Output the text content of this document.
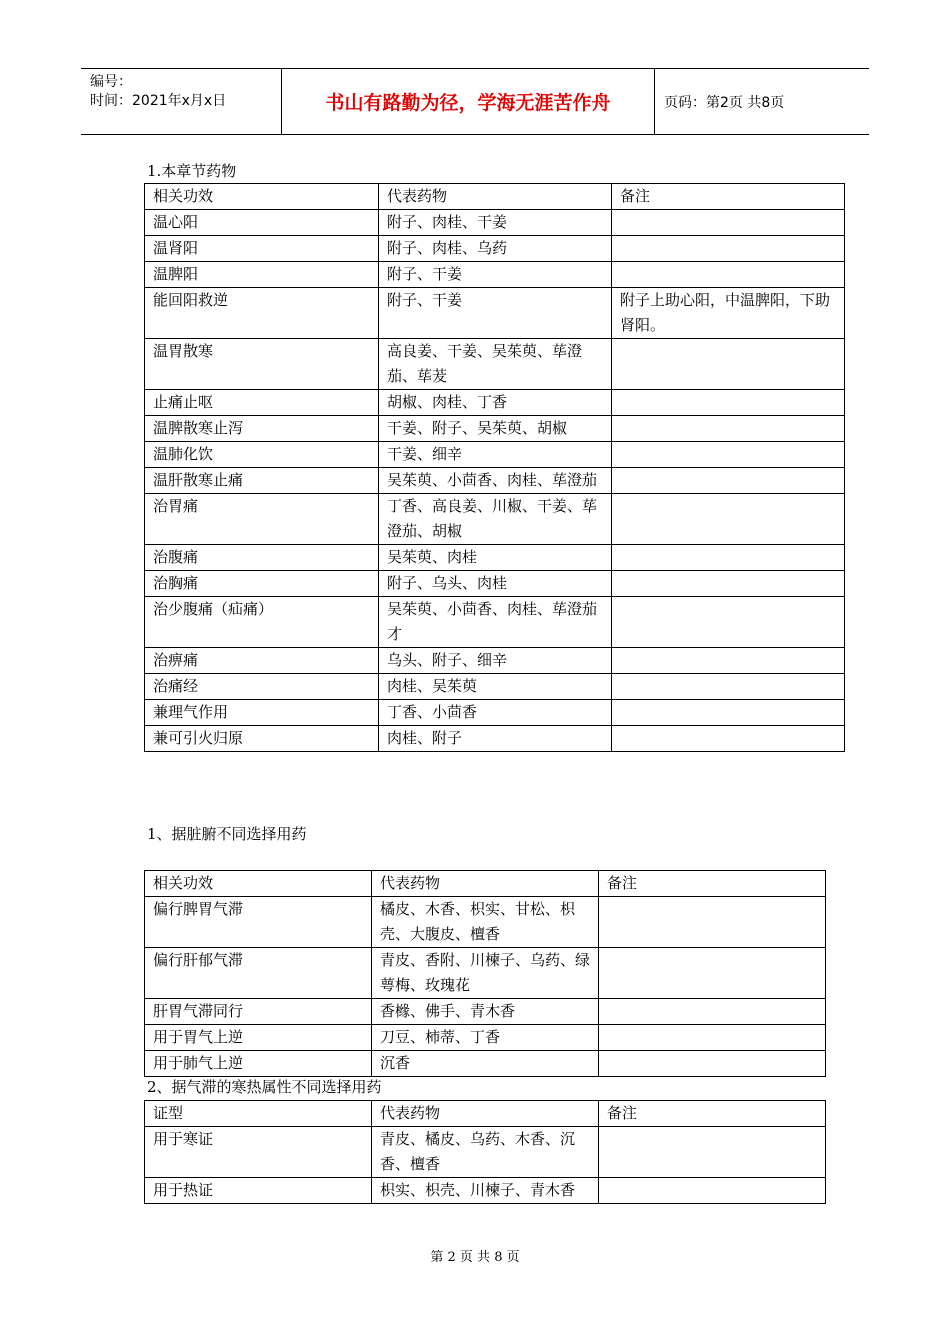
编号：
时间：2021年x月x日	书山有路勤为径，学海无涯苦作舟	页码：第2页 共8页
1.本章节药物
相关功效	代表药物	备注
温心阳	附子、肉桂、干姜	
温肾阳	附子、肉桂、乌药	
温脾阳	附子、干姜	
能回阳救逆	附子、干姜	附子上助心阳，中温脾阳，下助肾阳。
温胃散寒	高良姜、干姜、吴茱萸、荜澄茄、荜茇	
止痛止呕	胡椒、肉桂、丁香	
温脾散寒止泻	干姜、附子、吴茱萸、胡椒	
温肺化饮	干姜、细辛	
温肝散寒止痛	吴茱萸、小茴香、肉桂、荜澄茄	
治胃痛	丁香、高良姜、川椒、干姜、荜澄茄、胡椒	
治腹痛	吴茱萸、肉桂	
治胸痛	附子、乌头、肉桂	
治少腹痛（疝痛）	吴茱萸、小茴香、肉桂、荜澄茄才	
治痹痛	乌头、附子、细辛	
治痛经	肉桂、吴茱萸	
兼理气作用	丁香、小茴香	
兼可引火归原	肉桂、附子	
1、据脏腑不同选择用药
相关功效	代表药物	备注
偏行脾胃气滞	橘皮、木香、枳实、甘松、枳壳、大腹皮、檀香	
偏行肝郁气滞	青皮、香附、川楝子、乌药、绿萼梅、玫瑰花	
肝胃气滞同行	香橼、佛手、青木香	
用于胃气上逆	刀豆、柿蒂、丁香	
用于肺气上逆	沉香	
2、据气滞的寒热属性不同选择用药
证型	代表药物	备注
用于寒证	青皮、橘皮、乌药、木香、沉香、檀香	
用于热证	枳实、枳壳、川楝子、青木香	
第 2 页 共 8 页
